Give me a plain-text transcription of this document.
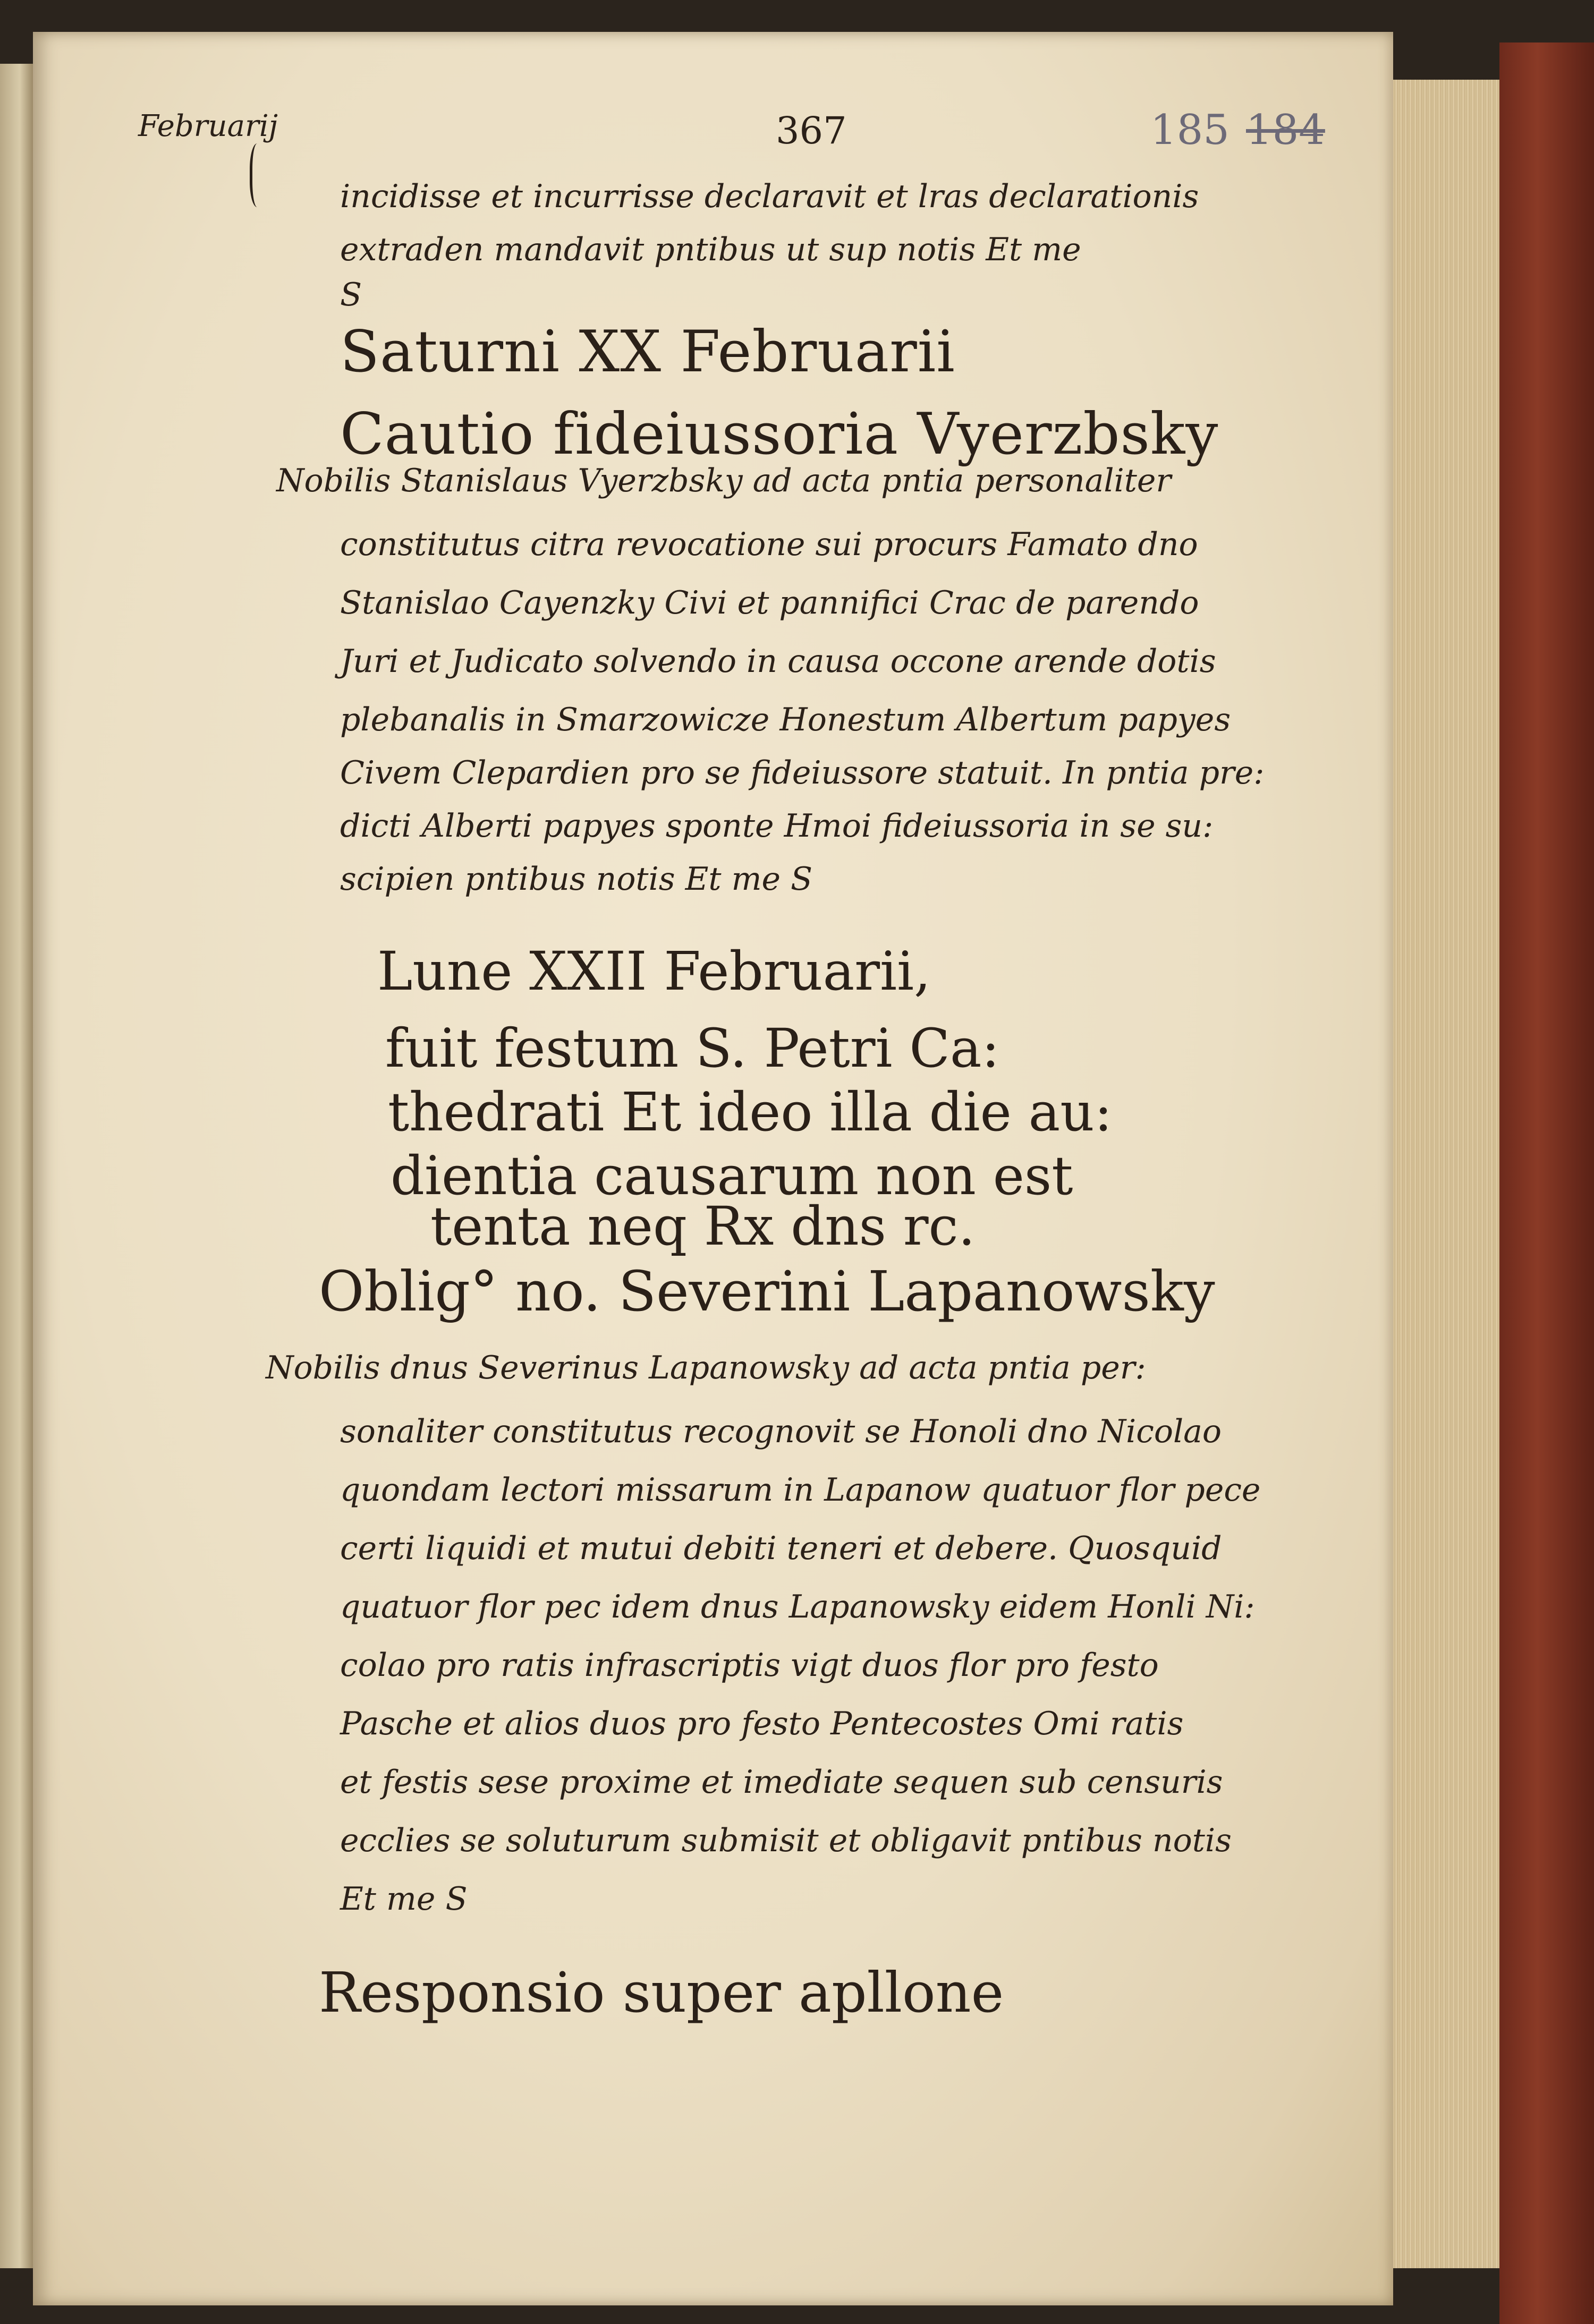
Februarij	367	185 184

incidisse et incurrisse declaravit et lras declarationis

extraden mandavit pntibus ut sup notis Et me

S

Saturni XX Februarii

Cautio fideiussoria Vyerzbsky

Nobilis Stanislaus Vyerzbsky ad acta pntia personaliter

constitutus citra revocatione sui procurs Famato dno

Stanislao Cayenzky Civi et pannifici Crac de parendo

Juri et Judicato solvendo in causa occone arende dotis

plebanalis in Smarzowicze Honestum Albertum papyes

Civem Clepardien pro se fideiussore statuit. In pntia pre:

dicti Alberti papyes sponte Hmoi fideiussoria in se su:

scipien pntibus notis Et me S

Lune XXII Februarii,

fuit festum S. Petri Ca:

thedrati Et ideo illa die au:

dientia causarum non est

tenta neq Rx dns rc.

Oblig° no. Severini Lapanowsky

Nobilis dnus Severinus Lapanowsky ad acta pntia per:

sonaliter constitutus recognovit se Honoli dno Nicolao

quondam lectori missarum in Lapanow quatuor flor pece

certi liquidi et mutui debiti teneri et debere. Quosquid

quatuor flor pec idem dnus Lapanowsky eidem Honli Ni:

colao pro ratis infrascriptis vigt duos flor pro festo

Pasche et alios duos pro festo Pentecostes Omi ratis

et festis sese proxime et imediate sequen sub censuris

ecclies se soluturum submisit et obligavit pntibus notis

Et me S

Responsio super apllone
